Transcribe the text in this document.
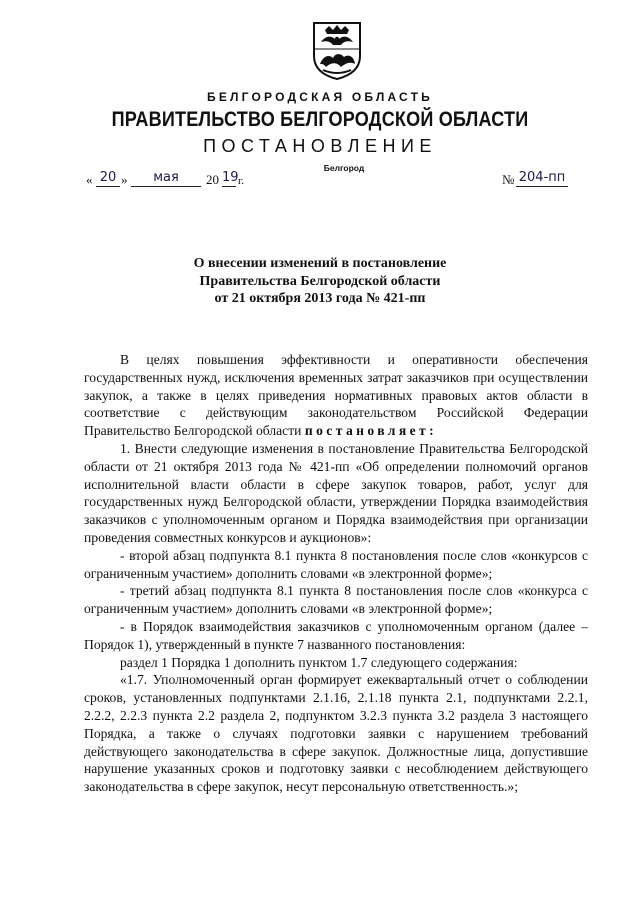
БЕЛГОРОДСКАЯ ОБЛАСТЬ
ПРАВИТЕЛЬСТВО БЕЛГОРОДСКОЙ ОБЛАСТИ
ПОСТАНОВЛЕНИЕ
Белгород
« 20 »	мая	20 19 г.	№ 204-пп
О внесении изменений в постановление
Правительства Белгородской области
от 21 октября 2013 года № 421-пп

В целях повышения эффективности и оперативности обеспечения государственных нужд, исключения временных затрат заказчиков при осуществлении закупок, а также в целях приведения нормативных правовых актов области в соответствие с действующим законодательством Российской Федерации Правительство Белгородской области постановляет:

1. Внести следующие изменения в постановление Правительства Белгородской области от 21 октября 2013 года № 421-пп «Об определении полномочий органов исполнительной власти области в сфере закупок товаров, работ, услуг для государственных нужд Белгородской области, утверждении Порядка взаимодействия заказчиков с уполномоченным органом и Порядка взаимодействия при организации проведения совместных конкурсов и аукционов»:

- второй абзац подпункта 8.1 пункта 8 постановления после слов «конкурсов с ограниченным участием» дополнить словами «в электронной форме»;

- третий абзац подпункта 8.1 пункта 8 постановления после слов «конкурса с ограниченным участием» дополнить словами «в электронной форме»;

- в Порядок взаимодействия заказчиков с уполномоченным органом (далее – Порядок 1), утвержденный в пункте 7 названного постановления:

раздел 1 Порядка 1 дополнить пунктом 1.7 следующего содержания:

«1.7. Уполномоченный орган формирует ежеквартальный отчет о соблюдении сроков, установленных подпунктами 2.1.16, 2.1.18 пункта 2.1, подпунктами 2.2.1, 2.2.2, 2.2.3 пункта 2.2 раздела 2, подпунктом 3.2.3 пункта 3.2 раздела 3 настоящего Порядка, а также о случаях подготовки заявки с нарушением требований действующего законодательства в сфере закупок. Должностные лица, допустившие нарушение указанных сроков и подготовку заявки с несоблюдением действующего законодательства в сфере закупок, несут персональную ответственность.»;
